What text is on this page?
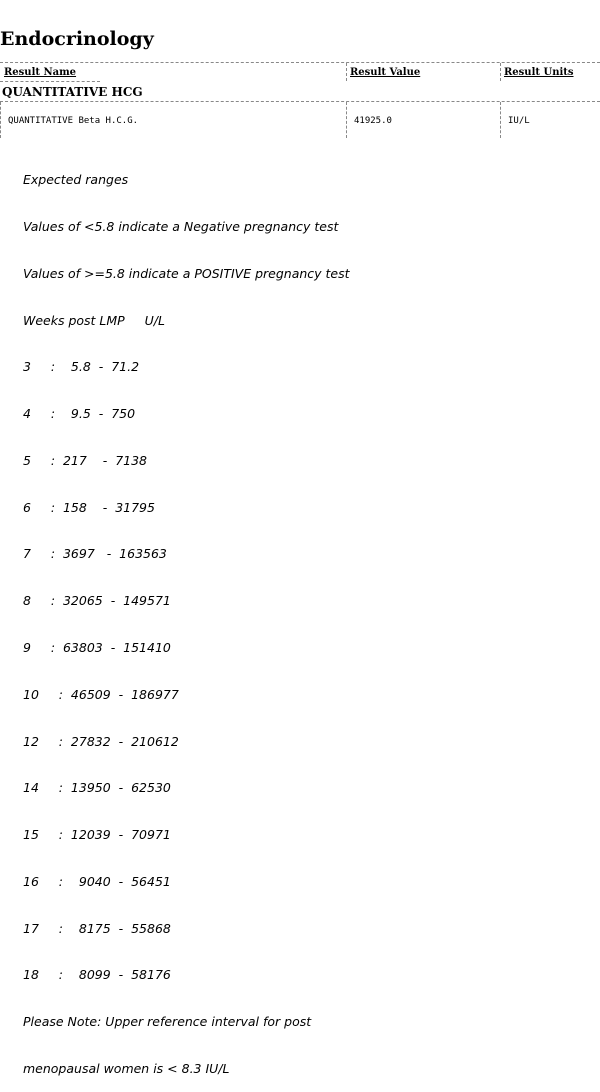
Endocrinology
Result Name	Result Value	Result Units
QUANTITATIVE HCG
QUANTITATIVE Beta H.C.G.	41925.0	IU/L

Expected ranges

Values of <5.8 indicate a Negative pregnancy test

Values of >=5.8 indicate a POSITIVE pregnancy test

Weeks post LMP     U/L

3     :    5.8  -  71.2

4     :    9.5  -  750

5     :  217    -  7138

6     :  158    -  31795

7     :  3697   -  163563

8     :  32065  -  149571

9     :  63803  -  151410

10     :  46509  -  186977

12     :  27832  -  210612

14     :  13950  -  62530

15     :  12039  -  70971

16     :    9040  -  56451

17     :    8175  -  55868

18     :    8099  -  58176

Please Note: Upper reference interval for post

menopausal women is < 8.3 IU/L
